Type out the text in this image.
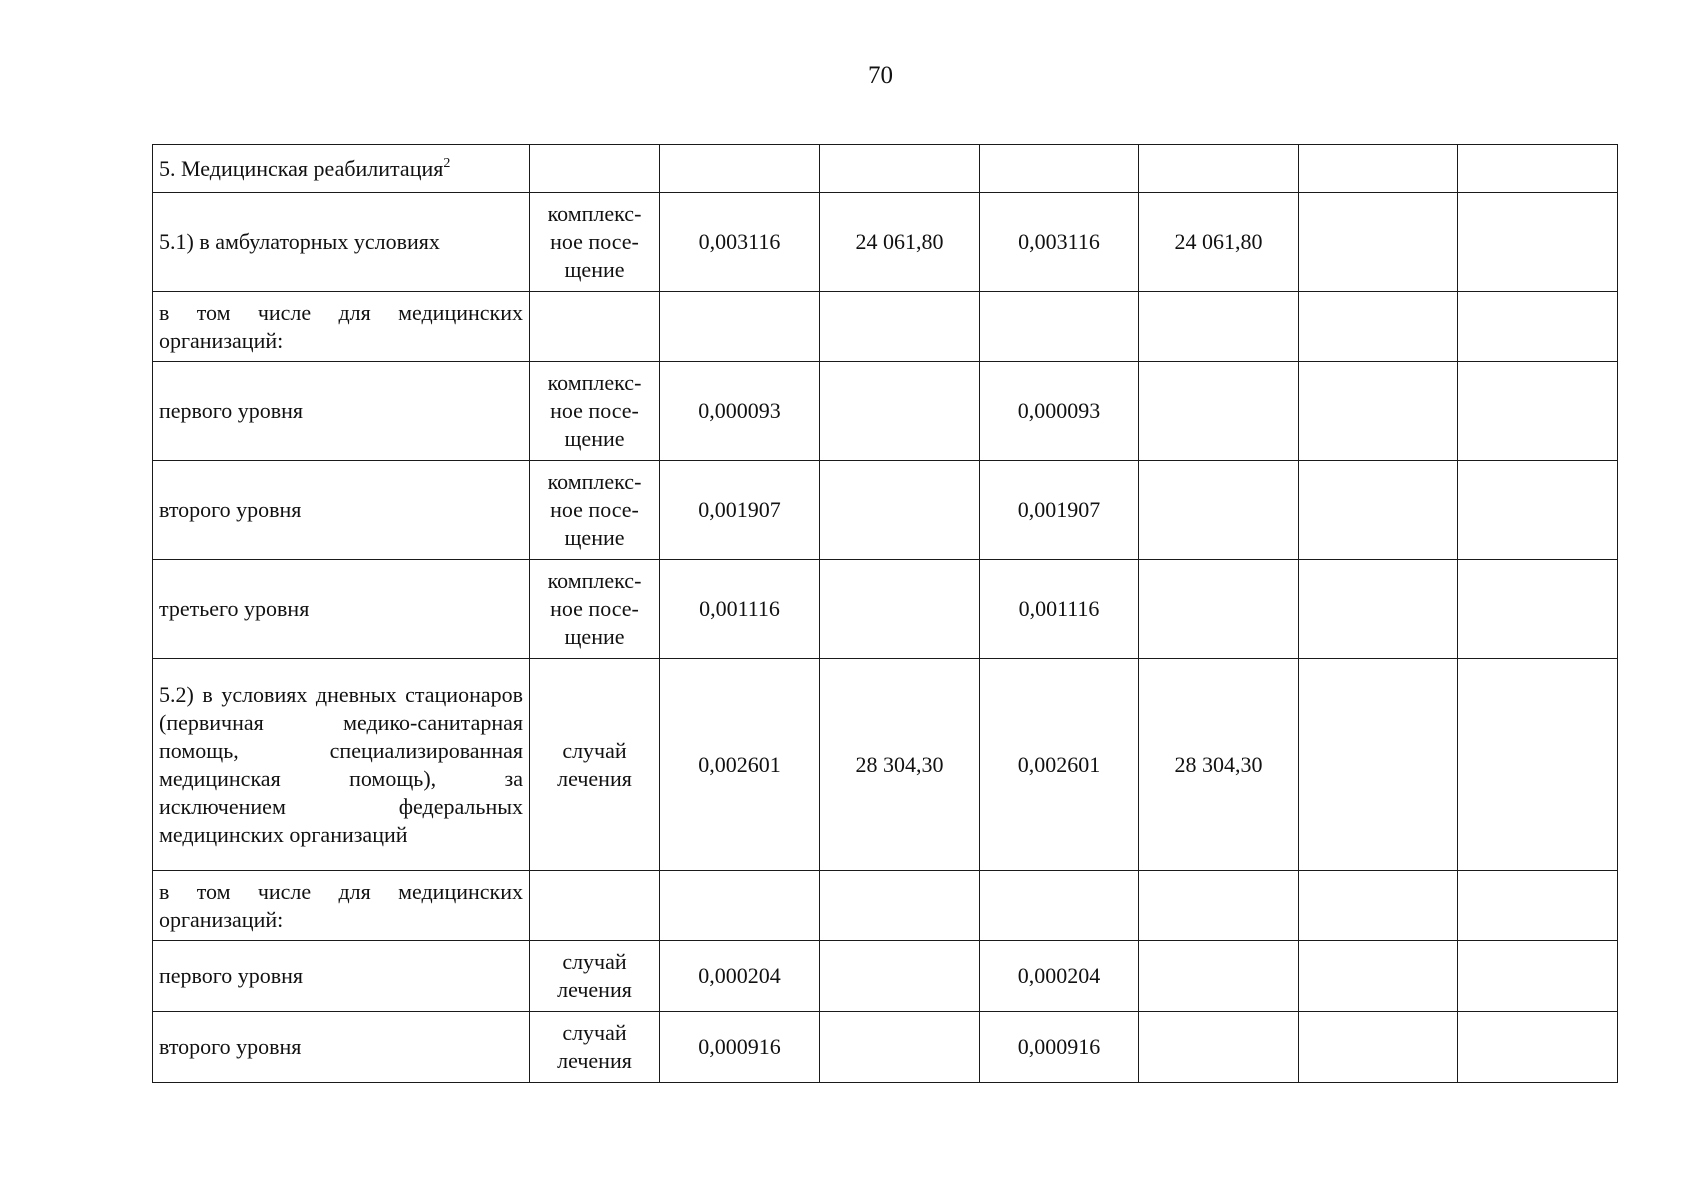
70
5. Медицинская реабилитация$^2$							
5.1) в амбулаторных условиях	комплекс-ное посе-щение	0,003116	24 061,80	0,003116	24 061,80		
в том числе для медицинских организаций:							
первого уровня	комплекс-ное посе-щение	0,000093		0,000093			
второго уровня	комплекс-ное посе-щение	0,001907		0,001907			
третьего уровня	комплекс-ное посе-щение	0,001116		0,001116			
5.2) в условиях дневных стационаров (первичная медико-санитарная помощь, специализированная медицинская помощь), за исключением федеральных медицинских организаций	случай лечения	0,002601	28 304,30	0,002601	28 304,30		
в том числе для медицинских организаций:							
первого уровня	случай лечения	0,000204		0,000204			
второго уровня	случай лечения	0,000916		0,000916			
